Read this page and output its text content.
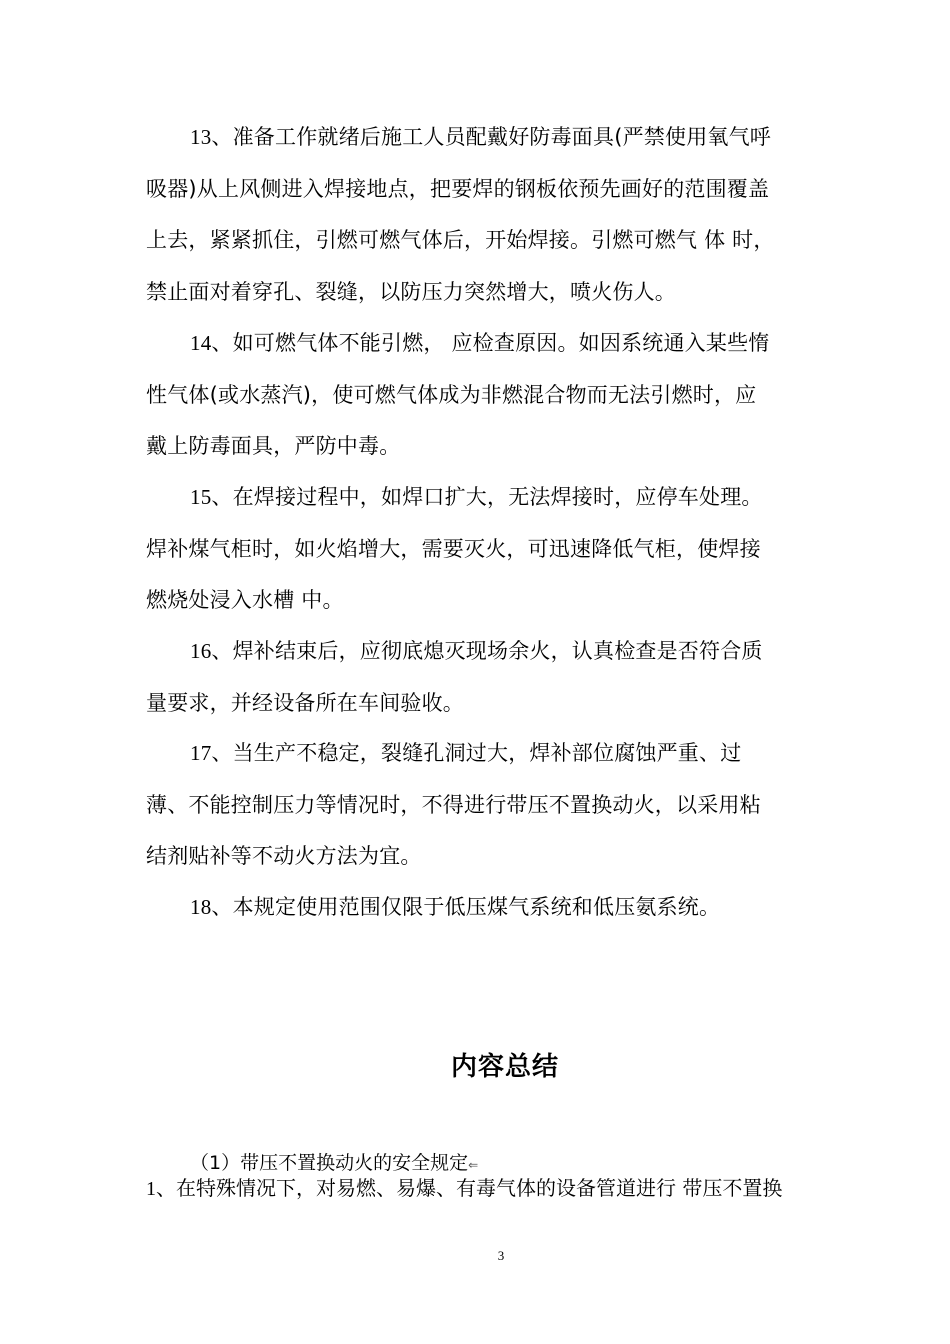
13、准备工作就绪后施工人员配戴好防毒面具(严禁使用氧气呼
吸器)从上风侧进入焊接地点，把要焊的钢板依预先画好的范围覆盖
上去，紧紧抓住，引燃可燃气体后，开始焊接。引燃可燃气 体 时，
禁止面对着穿孔、裂缝，以防压力突然增大，喷火伤人。
14、如可燃气体不能引燃， 应检查原因。如因系统通入某些惰
性气体(或水蒸汽)，使可燃气体成为非燃混合物而无法引燃时，应
戴上防毒面具，严防中毒。
15、在焊接过程中，如焊口扩大，无法焊接时，应停车处理。
焊补煤气柜时，如火焰增大，需要灭火，可迅速降低气柜，使焊接
燃烧处浸入水槽 中。
16、焊补结束后，应彻底熄灭现场余火，认真检查是否符合质
量要求，并经设备所在车间验收。
17、当生产不稳定，裂缝孔洞过大，焊补部位腐蚀严重、过
薄、不能控制压力等情况时，不得进行带压不置换动火，以采用粘
结剂贴补等不动火方法为宜。
18、本规定使用范围仅限于低压煤气系统和低压氨系统。
内容总结

（1）带压不置换动火的安全规定⇐

1、在特殊情况下，对易燃、易爆、有毒气体的设备管道进行 带压不置换

3
